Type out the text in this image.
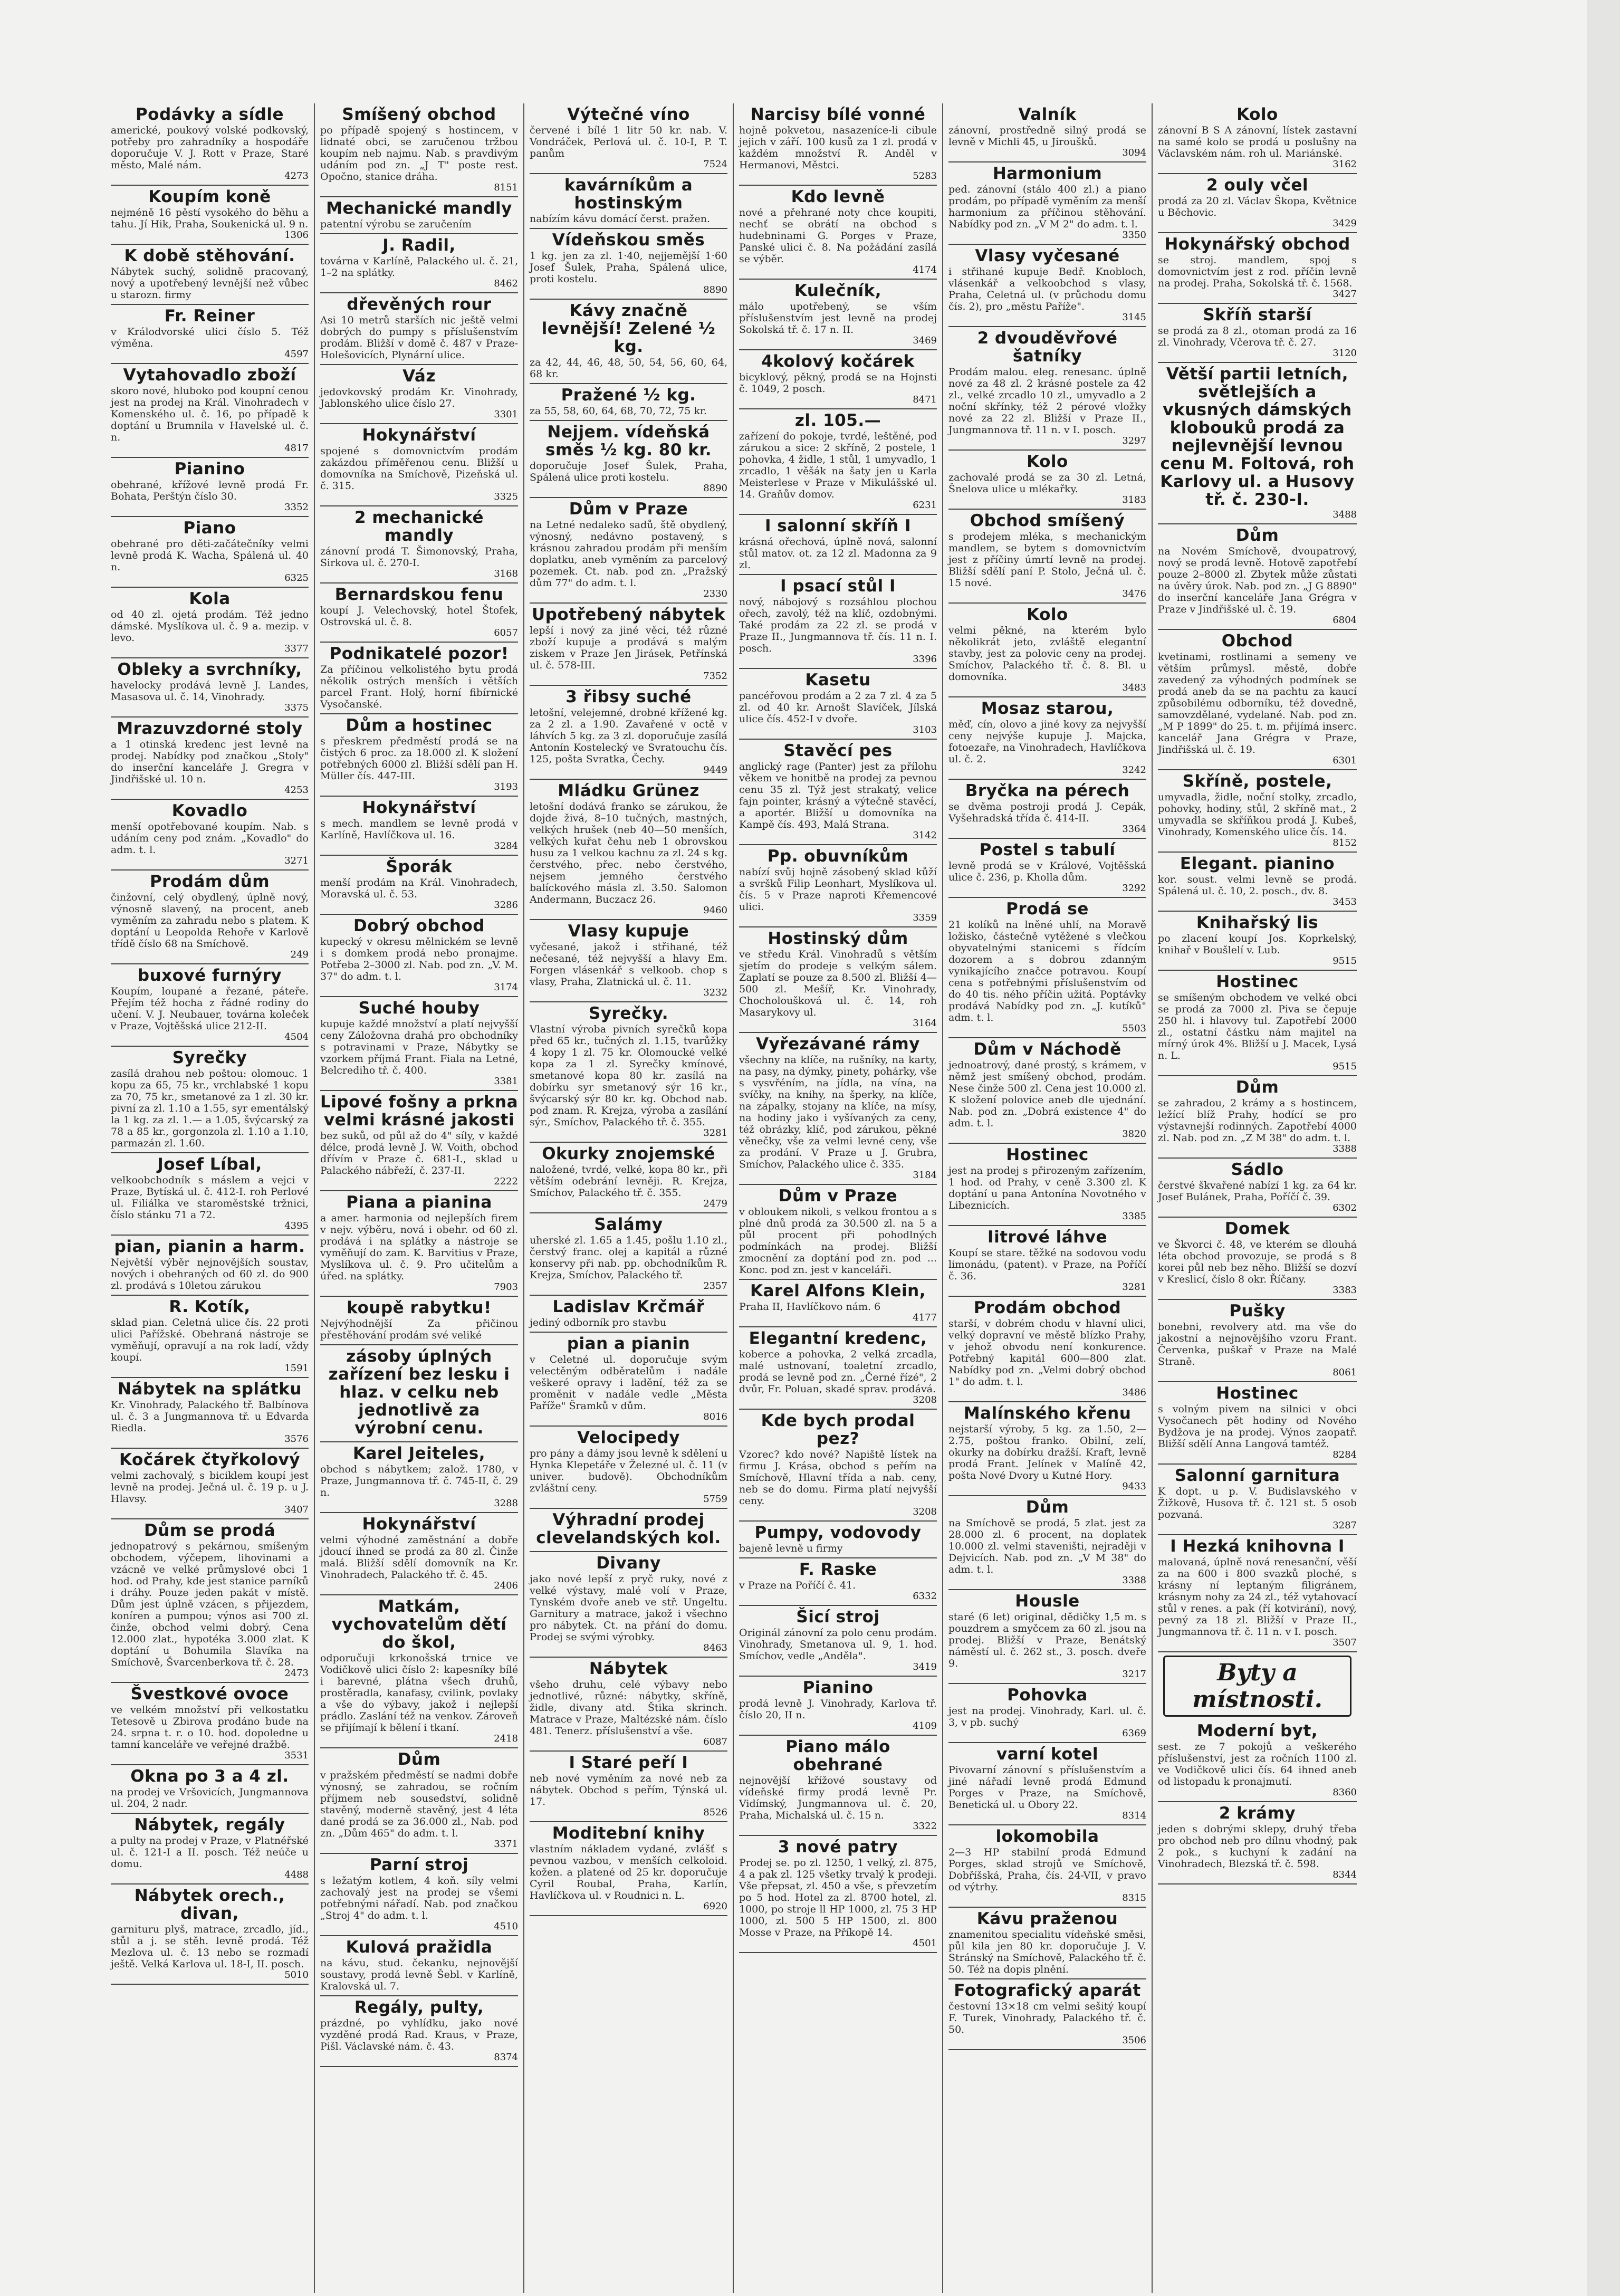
Podávky a sídle

americké, poukový volské podkovský, potřeby pro zahradníky a hospodáře doporučuje V. J. Rott v Praze, Staré město, Malé nám.

4273
Koupím koně

nejméně 16 pěstí vysokého do běhu a tahu. Jí Hik, Praha, Soukenická ul. 9 n.

1306
K době stěhování.

Nábytek suchý, solidně pracovaný, nový a upotřebený levnější než vůbec u starozn. firmy

Fr. Reiner

v Králodvorské ulici číslo 5. Též výměna.

4597
Vytahovadlo zboží

skoro nové, hluboko pod koupní cenou jest na prodej na Král. Vinohradech v Komenského ul. č. 16, po případě k doptání u Brumnila v Havelské ul. č. n.

4817
Pianino

obehrané, křížové levně prodá Fr. Bohata, Perštýn číslo 30.

3352
Piano

obehrané pro děti-začátečníky velmi levně prodá K. Wacha, Spálená ul. 40 n.

6325
Kola

od 40 zl. ojetá prodám. Též jedno dámské. Myslíkova ul. č. 9 a. mezip. v levo.

3377
Obleky a svrchníky,

havelocky prodává levně J. Landes, Masasova ul. č. 14, Vinohrady.

3375
Mrazuvzdorné stoly

a 1 otinská kredenc jest levně na prodej. Nabídky pod značkou „Stoly" do inserční kanceláře J. Gregra v Jindřišské ul. 10 n.

4253
Kovadlo

menší opotřebované koupím. Nab. s udáním ceny pod znám. „Kovadlo" do adm. t. l.

3271
Prodám dům

činžovní, celý obydlený, úplně nový, výnosně slavený, na procent, aneb vyměním za zahradu nebo s platem. K doptání u Leopolda Rehoře v Karlově třídě číslo 68 na Smíchově.

249
buxové furnýry

Koupím, loupané a řezané, páteře. Přejím též hocha z řádné rodiny do učení. V. J. Neubauer, továrna koleček v Praze, Vojtěšská ulice 212-II.

4504
Syrečky

zasílá drahou neb poštou: olomouc. 1 kopu za 65, 75 kr., vrchlabské 1 kopu za 70, 75 kr., smetanové za 1 zl. 30 kr. pivní za zl. 1.10 a 1.55, syr ementálský la 1 kg. za zl. 1.— a 1.05, švýcarský za 78 a 85 kr., gorgonzola zl. 1.10 a 1.10, parmazán zl. 1.60.

Josef Líbal,

velkoobchodník s máslem a vejci v Praze, Bytíská ul. č. 412-I. roh Perlové ul. Filiálka ve staroměstské tržnici, číslo stánku 71 a 72.

4395
pian, pianin a harm.

Největší výběr nejnovějších soustav, nových i obehraných od 60 zl. do 900 zl. prodává s 10letou zárukou

R. Kotík,

sklad pian. Celetná ulice čís. 22 proti ulici Pařížské. Obehraná nástroje se vyměňují, opravují a na rok ladí, vždy koupí.

1591
Nábytek na splátku

Kr. Vinohrady, Palackého tř. Balbínova ul. č. 3 a Jungmannova tř. u Edvarda Riedla.

3576
Kočárek čtyřkolový

velmi zachovalý, s biciklem koupí jest levně na prodej. Ječná ul. č. 19 p. u J. Hlavsy.

3407
Dům se prodá

jednopatrový s pekárnou, smíšeným obchodem, výčepem, lihovinami a vzácně ve velké průmyslové obci 1 hod. od Prahy, kde jest stanice parníků i dráhy. Pouze jeden pakát v místě. Dům jest úplně vzácen, s přijezdem, koníren a pumpou; výnos asi 700 zl. činže, obchod velmi dobrý. Cena 12.000 zlat., hypotéka 3.000 zlat. K doptání u Bohumila Slavíka na Smíchově, Švarcenberkova tř. č. 28.

2473
Švestkové ovoce

ve velkém množství při velkostatku Tetesově u Zbirova prodáno bude na 24. srpna t. r. o 10. hod. dopoledne u tamní kanceláře ve veřejné dražbě.

3531
Okna po 3 a 4 zl.

na prodej ve Vršovicích, Jungmannova ul. 204, 2 nadr.

Nábytek, regály

a pulty na prodej v Praze, v Platnéřské ul. č. 121-I a II. posch. Též neúče u domu.

4488
Nábytek orech., divan,

garnituru plyš, matrace, zrcadlo, jíd., stůl a j. se stěh. levně prodá. Též Mezlova ul. č. 13 nebo se rozmadí ještě. Velká Karlova ul. 18-I, II. posch.

5010
Smíšený obchod

po případě spojený s hostincem, v lidnaté obci, se zaručenou tržbou koupím neb najmu. Nab. s pravdivým udáním pod zn. „J T" poste rest. Opočno, stanice dráha.

8151
Mechanické mandly

patentní výrobu se zaručením

J. Radil,

továrna v Karlíně, Palackého ul. č. 21, 1–2 na splátky.

8462
dřevěných rour

Asi 10 metrů starších nic ještě velmi dobrých do pumpy s příslušenstvím prodám. Bližší v domě č. 487 v Praze-Holešovicích, Plynární ulice.

Váz

jedovkovský prodám Kr. Vinohrady, Jablonského ulice číslo 27.

3301
Hokynářství

spojené s domovnictvím prodám zakázdou příměřenou cenu. Bližší u domovníka na Smíchově, Pizeňská ul. č. 315.

3325
2 mechanické mandly

zánovní prodá T. Šimonovský, Praha, Sirkova ul. č. 270-I.

3168
Bernardskou fenu

koupí J. Velechovský, hotel Štofek, Ostrovská ul. č. 8.

6057
Podnikatelé pozor!

Za příčinou velkolistého bytu prodá několik ostrých menších i větších parcel Frant. Holý, horní fibírnické Vysočanské.

Dům a hostinec

s přeskrem předměstí prodá se na čistých 6 proc. za 18.000 zl. K složení potřebných 6000 zl. Bližší sdělí pan H. Müller čís. 447-III.

3193
Hokynářství

s mech. mandlem se levně prodá v Karlíně, Havlíčkova ul. 16.

3284
Šporák

menší prodám na Král. Vinohradech, Moravská ul. č. 53.

3286
Dobrý obchod

kupecký v okresu mělnickém se levně i s domkem prodá nebo pronajme. Potřeba 2–3000 zl. Nab. pod zn. „V. M. 37" do adm. t. l.

3174
Suché houby

kupuje každé množství a platí nejvyšší ceny Záložovna drahá pro obchodníky s potravinami v Praze, Nábytky se vzorkem příjmá Frant. Fiala na Letné, Belcrediho tř. č. 400.

3381
Lipové fošny a prkna velmi krásné jakosti

bez suků, od půl až do 4" síly, v každé délce, prodá levně J. W. Voith, obchod dřívím v Praze č. 681-I., sklad u Palackého nábřeží, č. 237-II.

2222
Piana a pianina

a amer. harmonia od nejlepších firem v nejv. výběru, nová i obehr. od 60 zl. prodává i na splátky a nástroje se vyměňují do zam. K. Barvitius v Praze, Myslíkova ul. č. 9. Pro učitelům a úřed. na splátky.

7903
koupě rabytku!

Nejvýhodnější Za přičinou přestěhování prodám své veliké

zásoby úplných zařízení bez lesku i hlaz. v celku neb jednotlivě za výrobní cenu.

Karel Jeiteles,

obchod s nábytkem; založ. 1780, v Praze, Jungmannova tř. č. 745-II, č. 29 n.

3288
Hokynářství

velmi výhodné zaměstnání a dobře jdoucí ihned se prodá za 80 zl. Činže malá. Bližší sdělí domovník na Kr. Vinohradech, Palackého tř. č. 45.

2406
Matkám, vychovatelům dětí do škol,

odporučuji krkonošská trnice ve Vodičkově ulici číslo 2: kapesníky bílé i barevné, plátna všech druhů, prostěradla, kanafasy, cvilink, povlaky a vše do výbavy, jakož i nejlepší prádlo. Zaslání též na venkov. Zároveň se přijímají k bělení i tkaní.

2418
Dům

v pražském předměstí se nadmi dobře výnosný, se zahradou, se ročním příjmem neb sousedství, solidně stavěný, moderně stavěný, jest 4 léta dané prodá se za 36.000 zl., Nab. pod zn. „Dům 465" do adm. t. l.

3371
Parní stroj

s ležatým kotlem, 4 koň. síly velmi zachovalý jest na prodej se všemi potřebnými nářadí. Nab. pod značkou „Stroj 4" do adm. t. l.

4510
Kulová pražidla

na kávu, stud. čekanku, nejnovější soustavy, prodá levně Šebl. v Karlíně, Kralovská ul. 7.

Regály, pulty,

prázdné, po vyhlídku, jako nové vyzděné prodá Rad. Kraus, v Praze, Pišl. Václavské nám. č. 43.

8374
Výtečné víno

červené i bílé 1 litr 50 kr. nab. V. Vondráček, Perlová ul. č. 10-I, P. T. panům

7524
kavárníkům a hostinským

nabízím kávu domácí čerst. pražen.

Vídeňskou směs

1 kg. jen za zl. 1·40, nejjemější 1·60 Josef Šulek, Praha, Spálená ulice, proti kostelu.

8890
Kávy značně levnější! Zelené ½ kg.

za 42, 44, 46, 48, 50, 54, 56, 60, 64, 68 kr.

Pražené ½ kg.

za 55, 58, 60, 64, 68, 70, 72, 75 kr.

Nejjem. vídeňská směs ½ kg. 80 kr.

doporučuje Josef Šulek, Praha, Spálená ulice proti kostelu.

8890
Dům v Praze

na Letné nedaleko sadů, ště obydlený, výnosný, nedávno postavený, s krásnou zahradou prodám při menším doplatku, aneb vyměním za parcelový pozemek. Ct. nab. pod zn. „Pražský dům 77" do adm. t. l.

2330
Upotřebený nábytek

lepší i nový za jiné věci, též různé zboží kupuje a prodává s malým ziskem v Praze Jen Jirásek, Petřínská ul. č. 578-III.

7352
3 řibsy suché

letošní, velejemné, drobné křížené kg. za 2 zl. a 1.90. Zavařené v octě v láhvích 5 kg. za 3 zl. doporučuje zasílá Antonín Kostelecký ve Svratouchu čís. 125, pošta Svratka, Čechy.

9449
Mládku Grünez

letošní dodává franko se zárukou, že dojde živá, 8–10 tučných, mastných, velkých hrušek (neb 40—50 menších, velkých kuřat čehu neb 1 obrovskou husu za 1 velkou kachnu za zl. 24 s kg. čerstvého, přec. nebo čerstvého, nejsem jemného čerstvého balíckového másla zl. 3.50. Salomon Andermann, Buczacz 26.

9460
Vlasy kupuje

vyčesané, jakož i střihané, též nečesané, též nejvyšší a hlavy Em. Forgen vlásenkář s velkoob. chop s vlasy, Praha, Zlatnická ul. č. 11.

3232
Syrečky.

Vlastní výroba pivních syrečků kopa před 65 kr., tučných zl. 1.15, tvarůžky 4 kopy 1 zl. 75 kr. Olomoucké velké kopa za 1 zl. Syrečky kmínové, smetanové kopa 80 kr. zasílá na dobírku syr smetanový sýr 16 kr., švýcarský sýr 80 kr. kg. Obchod nab. pod znam. R. Krejza, výroba a zasílání sýr., Smíchov, Palackého tř. č. 355.

3281
Okurky znojemské

naložené, tvrdé, velké, kopa 80 kr., při větším odebrání levněji. R. Krejza, Smíchov, Palackého tř. č. 355.

2479
Salámy

uherské zl. 1.65 a 1.45, pošlu 1.10 zl., čerstvý franc. olej a kapitál a různé konservy při nab. pp. obchodníkům R. Krejza, Smíchov, Palackého tř.

2357
Ladislav Krčmář

jediný odborník pro stavbu

pian a pianin

v Celetné ul. doporučuje svým velectěným odběratelům i nadále veškeré opravy i ladění, též za se proměnit v nadále vedle „Města Paříže" Šramků v dům.

8016
Velocipedy

pro pány a dámy jsou levně k sdělení u Hynka Klepetáře v Železné ul. č. 11 (v univer. budově). Obchodníkům zvláštní ceny.

5759
Výhradní prodej clevelandských kol.

Divany

jako nové lepší z pryč ruky, nové z velké výstavy, malé volí v Praze, Tynském dvoře aneb ve stř. Ungeltu. Garnitury a matrace, jakož i všechno pro nábytek. Ct. na přání do domu. Prodej se svými výrobky.

8463
Nábytek

všeho druhu, celé výbavy nebo jednotlivé, různé: nábytky, skříně, židle, divany atd. Štika skrinch. Matrace v Praze, Maltézské nám. číslo 481. Tenerz. příslušenství a vše.

6087
I Staré peří I

neb nové vyměním za nové neb za nábytek. Obchod s peřím, Týnská ul. 17.

8526
Moditební knihy

vlastním nákladem vydané, zvlášť s pevnou vazbou, v menších celkoloid. kožen. a platené od 25 kr. doporučuje Cyril Roubal, Praha, Karlín, Havlíčkova ul. v Roudnici n. L.

6920
Narcisy bílé vonné

hojně pokvetou, nasazeníce-li cibule jejich v září. 100 kusů za 1 zl. prodá v každém množství R. Anděl v Hermanovi, Městci.

5283
Kdo levně

nové a přehrané noty chce koupiti, nechť se obrátí na obchod s hudebninami G. Porges v Praze, Panské ulici č. 8. Na požádání zasílá se výběr.

4174
Kulečník,

málo upotřebený, se vším příslušenstvím jest levně na prodej Sokolská tř. č. 17 n. II.

3469
4kolový kočárek

bicyklový, pěkný, prodá se na Hojnsti č. 1049, 2 posch.

8471
zl. 105.—

zařízení do pokoje, tvrdé, leštěné, pod zárukou a sice: 2 skříně, 2 postele, 1 pohovka, 4 židle, 1 stůl, 1 umyvadlo, 1 zrcadlo, 1 věšák na šaty jen u Karla Meisterlese v Praze v Mikulášské ul. 14. Graňův domov.

6231
I salonní skříň I

krásná ořechová, úplně nová, salonní stůl matov. ot. za 12 zl. Madonna za 9 zl.

I psací stůl I

nový, nábojový s rozsáhlou plochou ořech, zavolý, též na klíč, ozdobnými. Také prodám za 22 zl. se prodá v Praze II., Jungmannova tř. čís. 11 n. I. posch.

3396
Kasetu

pancéřovou prodám a 2 za 7 zl. 4 za 5 zl. od 40 kr. Arnošt Slavíček, Jílská ulice čís. 452-I v dvoře.

3103
Stavěcí pes

anglický rage (Panter) jest za přílohu věkem ve honitbě na prodej za pevnou cenu 35 zl. Týž jest strakatý, velice fajn pointer, krásný a výtečně stavěcí, a aportér. Bližší u domovníka na Kampě čís. 493, Malá Strana.

3142
Pp. obuvníkům

nabízí svůj hojně zásobený sklad kůží a svršků Filip Leonhart, Myslíkova ul. čís. 5 v Praze naproti Křemencové ulici.

3359
Hostinský dům

ve středu Král. Vinohradů s větším sjetím do prodeje s velkým sálem. Zaplatí se pouze za 8.500 zl. Bližší 4—500 zl. Mešíř, Kr. Vinohrady, Chocholoušková ul. č. 14, roh Masarykovy ul.

3164
Vyřezávané rámy

všechny na klíče, na rušníky, na karty, na pasy, na dýmky, pinety, pohárky, vše s vysvřéním, na jídla, na vína, na svíčky, na knihy, na šperky, na klíče, na zápalky, stojany na klíče, na mísy, na hodiny jako i vyšívaných za ceny, též obrázky, klíč, pod zárukou, pěkné věnečky, vše za velmi levné ceny, vše za prodání. V Praze u J. Grubra, Smíchov, Palackého ulice č. 335.

3184
Dům v Praze

v obloukem nikoli, s velkou frontou a s plné dnů prodá za 30.500 zl. na 5 a půl procent při pohodlných podmínkách na prodej. Bližší zmocnění za doptání pod zn. pod ... Konc. pod zn. jest v kanceláři.

Karel Alfons Klein,

Praha II, Havlíčkovo nám. 6

4177
Elegantní kredenc,

koberce a pohovka, 2 velká zrcadla, malé ustnovaní, toaletní zrcadlo, prodá se levně pod zn. „Černé řízé", 2 dvůr, Fr. Poluan, skadé sprav. prodává.

3208
Kde bych prodal pez?

Vzorec? kdo nové? Napiště lístek na firmu J. Krása, obchod s peřím na Smíchově, Hlavní třída a nab. ceny, neb se do domu. Firma platí nejvyšší ceny.

3208
Pumpy, vodovody

bajeně levně u firmy

F. Raske

v Praze na Poříčí č. 41.

6332
Šicí stroj

Originál zánovní za polo cenu prodám. Vinohrady, Smetanova ul. 9, 1. hod. Smíchov, vedle „Anděla".

3419
Pianino

prodá levně J. Vinohrady, Karlova tř. číslo 20, II n.

4109
Piano málo obehrané

nejnovější křížové soustavy od vídeňské firmy prodá levně Pr. Vidímský, Jungmannova ul. č. 20, Praha, Michalská ul. č. 15 n.

3322
3 nové patry

Prodej se. po zl. 1250, 1 velký, zl. 875, 4 a pak zl. 125 všetky trvalý k prodeji. Vše přepsat, zl. 450 a vše, s převzetím po 5 hod. Hotel za zl. 8700 hotel, zl. 1000, po stroje ll HP 1000, zl. 75 3 HP 1000, zl. 500 5 HP 1500, zl. 800 Mosse v Praze, na Příkopě 14.

4501
Valník

zánovní, prostředně silný prodá se levně v Michli 45, u Jiroušků.

3094
Harmonium

ped. zánovní (stálo 400 zl.) a piano prodám, po případě vyměním za menší harmonium za příčinou stěhování. Nabídky pod zn. „V M 2" do adm. t. l.

3350
Vlasy vyčesané

i střihané kupuje Bedř. Knobloch, vlásenkář a velkoobchod s vlasy, Praha, Celetná ul. (v průchodu domu čís. 2), pro „městu Paříže".

3145
2 dvouděvřové šatníky

Prodám malou. eleg. renesanc. úplně nové za 48 zl. 2 krásné postele za 42 zl., velké zrcadlo 10 zl., umyvadlo a 2 noční skřínky, též 2 pérové vložky nové za 22 zl. Bližší v Praze II., Jungmannova tř. 11 n. v I. posch.

3297
Kolo

zachovalé prodá se za 30 zl. Letná, Šnelova ulice u mlékařky.

3183
Obchod smíšený

s prodejem mléka, s mechanickým mandlem, se bytem s domovnictvím jest z příčiny úmrtí levně na prodej. Bližší sdělí paní P. Stolo, Ječná ul. č. 15 nové.

3476
Kolo

velmi pěkné, na kterém bylo několikrát jeto, zvláště elegantní stavby, jest za polovic ceny na prodej. Smíchov, Palackého tř. č. 8. Bl. u domovníka.

3483
Mosaz starou,

měď, cín, olovo a jiné kovy za nejvyšší ceny nejvýše kupuje J. Majcka, fotoezaře, na Vinohradech, Havlíčkova ul. č. 2.

3242
Bryčka na pérech

se dvěma postroji prodá J. Cepák, Vyšehradská třída č. 414-II.

3364
Postel s tabulí

levně prodá se v Králové, Vojtěšská ulice č. 236, p. Kholla dům.

3292
Prodá se

21 kolíků na lněné uhlí, na Moravě ložisko, částečně vytěžené s vlečkou obyvatelnými stanicemi s řídcím dozorem a s dobrou zdanným vynikajícího značce potravou. Koupí cena s potřebnými příslušenstvím od do 40 tis. ného příčin užitá. Poptávky prodává Nabídky pod zn. „J. kutíků" adm. t. l.

5503
Dům v Náchodě

jednoatrový, dané prostý, s krámem, v němž jest smíšený obchod, prodám. Nese činže 500 zl. Cena jest 10.000 zl. K složení polovice aneb dle ujednání. Nab. pod zn. „Dobrá existence 4" do adm. t. l.

3820
Hostinec

jest na prodej s přirozeným zařízením, 1 hod. od Prahy, v ceně 3.300 zl. K doptání u pana Antonína Novotného v Libeznicích.

3385
Iitrové láhve

Koupí se stare. těžké na sodovou vodu limonádu, (patent). v Praze, na Poříčí č. 36.

3281
Prodám obchod

starší, v dobrém chodu v hlavní ulici, velký dopravní ve městě blízko Prahy, v jehož obvodu není konkurence. Potřebný kapitál 600—800 zlat. Nabídky pod zn. „Velmi dobrý obchod 1" do adm. t. l.

3486
Malínského křenu

nejstarší výroby, 5 kg. za 1.50, 2—2.75, poštou franko. Obilní, zelí, okurky na dobírku dražší. Kraft, levně prodá Frant. Jelínek v Malíně 42, pošta Nové Dvory u Kutné Hory.

9433
Dům

na Smíchově se prodá, 5 zlat. jest za 28.000 zl. 6 procent, na doplatek 10.000 zl. velmi staveništi, nejraději v Dejvicích. Nab. pod zn. „V M 38" do adm. t. l.

3388
Housle

staré (6 let) original, dědičky 1,5 m. s pouzdrem a smyčcem za 60 zl. jsou na prodej. Bližší v Praze, Benátský náměstí ul. č. 262 st., 3. posch. dveře 9.

3217
Pohovka

jest na prodej. Vinohrady, Karl. ul. č. 3, v pb. suchý

6369
varní kotel

Pivovarní zánovní s příslušenstvím a jiné nářadí levně prodá Edmund Porges v Praze, na Smíchově, Benetická ul. u Obory 22.

8314
lokomobila

2—3 HP stabilní prodá Edmund Porges, sklad strojů ve Smíchově, Dobříšská, Praha, čís. 24-VII, v pravo od výtrhy.

8315
Kávu praženou

znamenitou specialitu vídeňské směsi, půl kila jen 80 kr. doporučuje J. V. Stránský na Smíchově, Palackého tř. č. 50. Též na dopis plnění.

Fotografický aparát

čestovní 13×18 cm velmi sešitý koupí F. Turek, Vinohrady, Palackého tř. č. 50.

3506
Kolo

zánovní B S A zánovní, lístek zastavní na samé kolo se prodá u poslušny na Václavském nám. roh ul. Mariánské.

3162
2 ouly včel

prodá za 20 zl. Václav Škopa, Květnice u Běchovic.

3429
Hokynářský obchod

se stroj. mandlem, spoj s domovnictvím jest z rod. příčin levně na prodej. Praha, Sokolská tř. č. 1568.

3427
Skříň starší

se prodá za 8 zl., otoman prodá za 16 zl. Vinohrady, Včerova tř. č. 27.

3120
Větší partii letních, světlejších a vkusných dámských klobouků prodá za nejlevnější levnou cenu M. Foltová, roh Karlovy ul. a Husovy tř. č. 230-I.

3488
Dům

na Novém Smíchově, dvoupatrový, nový se prodá levně. Hotově zapotřebí pouze 2–8000 zl. Zbytek může zůstati na úvěry úrok. Nab. pod zn. „J G 8890" do inserční kanceláře Jana Grégra v Praze v Jindřišské ul. č. 19.

6804
Obchod

kvetinami, rostlinami a semeny ve větším průmysl. městě, dobře zavedený za výhodných podmínek se prodá aneb da se na pachtu za kaucí způsobilému odborníku, též dovedně, samovzdělané, vydelané. Nab. pod zn. „M P 1899" do 25. t. m. přijímá inserc. kancelář Jana Grégra v Praze, Jindřišská ul. č. 19.

6301
Skříně, postele,

umyvadla, židle, noční stolky, zrcadlo, pohovky, hodiny, stůl, 2 skříně mat., 2 umyvadla se skříňkou prodá J. Kubeš, Vinohrady, Komenského ulice čís. 14.

8152
Elegant. pianino

kor. soust. velmi levně se prodá. Spálená ul. č. 10, 2. posch., dv. 8.

3453
Knihařský lis

po zlacení koupí Jos. Koprkelský, knihař v Boušlelí v. Lub.

9515
Hostinec

se smíšeným obchodem ve velké obci se prodá za 7000 zl. Piva se čepuje 250 hl. i hlavovy tul. Zapotřebí 2000 zl., ostatní částku nám majitel na mírný úrok 4%. Bližší u J. Macek, Lysá n. L.

9515
Dům

se zahradou, 2 krámy a s hostincem, ležící blíž Prahy, hodící se pro výstavnejší rodinných. Zapotřebí 4000 zl. Nab. pod zn. „Z M 38" do adm. t. l.

3388
Sádlo

čerstvé škvařené nabízí 1 kg. za 64 kr. Josef Bulánek, Praha, Poříčí č. 39.

6302
Domek

ve Škvorci č. 48, ve kterém se dlouhá léta obchod provozuje, se prodá s 8 korei půl neb bez něho. Bližší se dozví v Kreslicí, číslo 8 okr. Říčany.

3383
Pušky

bonebni, revolvery atd. ma vše do jakostní a nejnovějšího vzoru Frant. Červenka, puškař v Praze na Malé Straně.

8061
Hostinec

s volným pivem na silnici v obci Vysočanech pět hodiny od Nového Bydžova je na prodej. Výnos zaopatř. Bližší sdělí Anna Langová tamtéž.

8284
Salonní garnitura

K dopt. u p. V. Budislavského v Žižkově, Husova tř. č. 121 st. 5 osob pozvaná.

3287
I Hezká knihovna I

malovaná, úplně nová renesanční, věší za na 600 i 800 svazků ploché, s krásny ní leptaným filigránem, krásnym nohy za 24 zl., též vytahovací stůl v renes. a pak (ří kotvirání), nový, pevný za 18 zl. Bližší v Praze II., Jungmannova tř. č. 11 n. v I. posch.

3507
Byty a místnosti.
Moderní byt,

sest. ze 7 pokojů a veškerého příslušenství, jest za ročních 1100 zl. ve Vodičkově ulici čís. 64 ihned aneb od listopadu k pronajmutí.

8360
2 krámy

jeden s dobrými sklepy, druhý třeba pro obchod neb pro dílnu vhodný, pak 2 pok., s kuchyní k zadání na Vinohradech, Blezská tř. č. 598.

8344
